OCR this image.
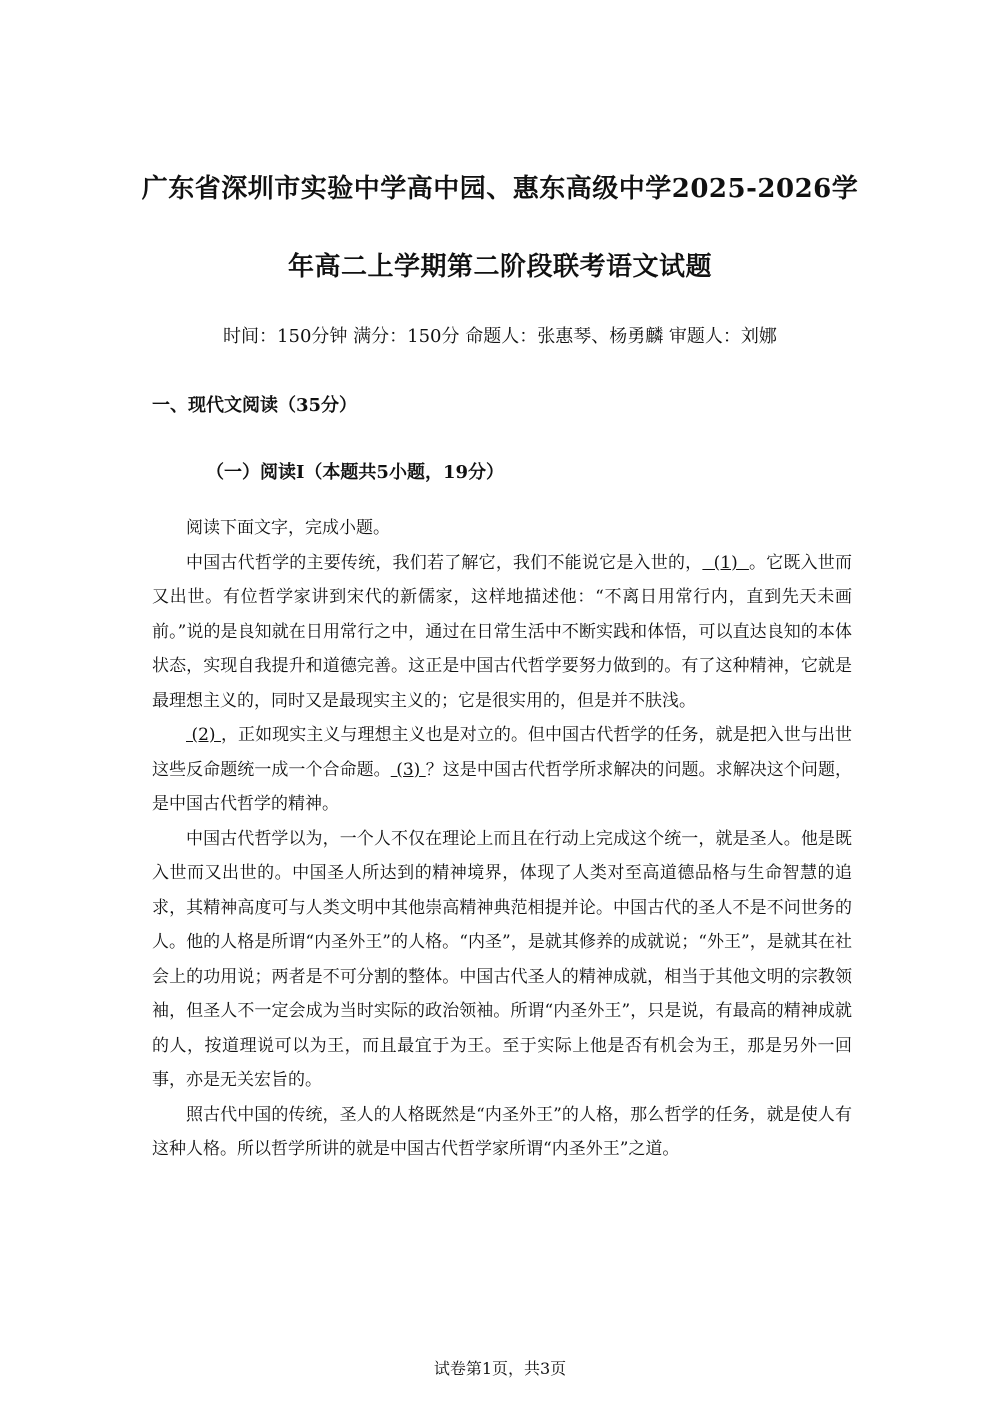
广东省深圳市实验中学高中园、惠东高级中学2025-2026学
年高二上学期第二阶段联考语文试题
时间：150分钟 满分：150分 命题人：张惠琴、杨勇麟 审题人：刘娜
一、现代文阅读（35分）
（一）阅读Ⅰ（本题共5小题，19分）

阅读下面文字，完成小题。

中国古代哲学的主要传统，我们若了解它，我们不能说它是入世的，  (1)  。它既入世而又出世。有位哲学家讲到宋代的新儒家，这样地描述他：“不离日用常行内，直到先天未画前。”说的是良知就在日用常行之中，通过在日常生活中不断实践和体悟，可以直达良知的本体状态，实现自我提升和道德完善。这正是中国古代哲学要努力做到的。有了这种精神，它就是最理想主义的，同时又是最现实主义的；它是很实用的，但是并不肤浅。

(2) ，正如现实主义与理想主义也是对立的。但中国古代哲学的任务，就是把入世与出世这些反命题统一成一个合命题。 (3) ？这是中国古代哲学所求解决的问题。求解决这个问题，是中国古代哲学的精神。

中国古代哲学以为，一个人不仅在理论上而且在行动上完成这个统一，就是圣人。他是既入世而又出世的。中国圣人所达到的精神境界，体现了人类对至高道德品格与生命智慧的追求，其精神高度可与人类文明中其他崇高精神典范相提并论。中国古代的圣人不是不问世务的人。他的人格是所谓“内圣外王”的人格。“内圣”，是就其修养的成就说；“外王”，是就其在社会上的功用说；两者是不可分割的整体。中国古代圣人的精神成就，相当于其他文明的宗教领袖，但圣人不一定会成为当时实际的政治领袖。所谓“内圣外王”，只是说，有最高的精神成就的人，按道理说可以为王，而且最宜于为王。至于实际上他是否有机会为王，那是另外一回事，亦是无关宏旨的。

照古代中国的传统，圣人的人格既然是“内圣外王”的人格，那么哲学的任务，就是使人有这种人格。所以哲学所讲的就是中国古代哲学家所谓“内圣外王”之道。

试卷第1页，共3页
